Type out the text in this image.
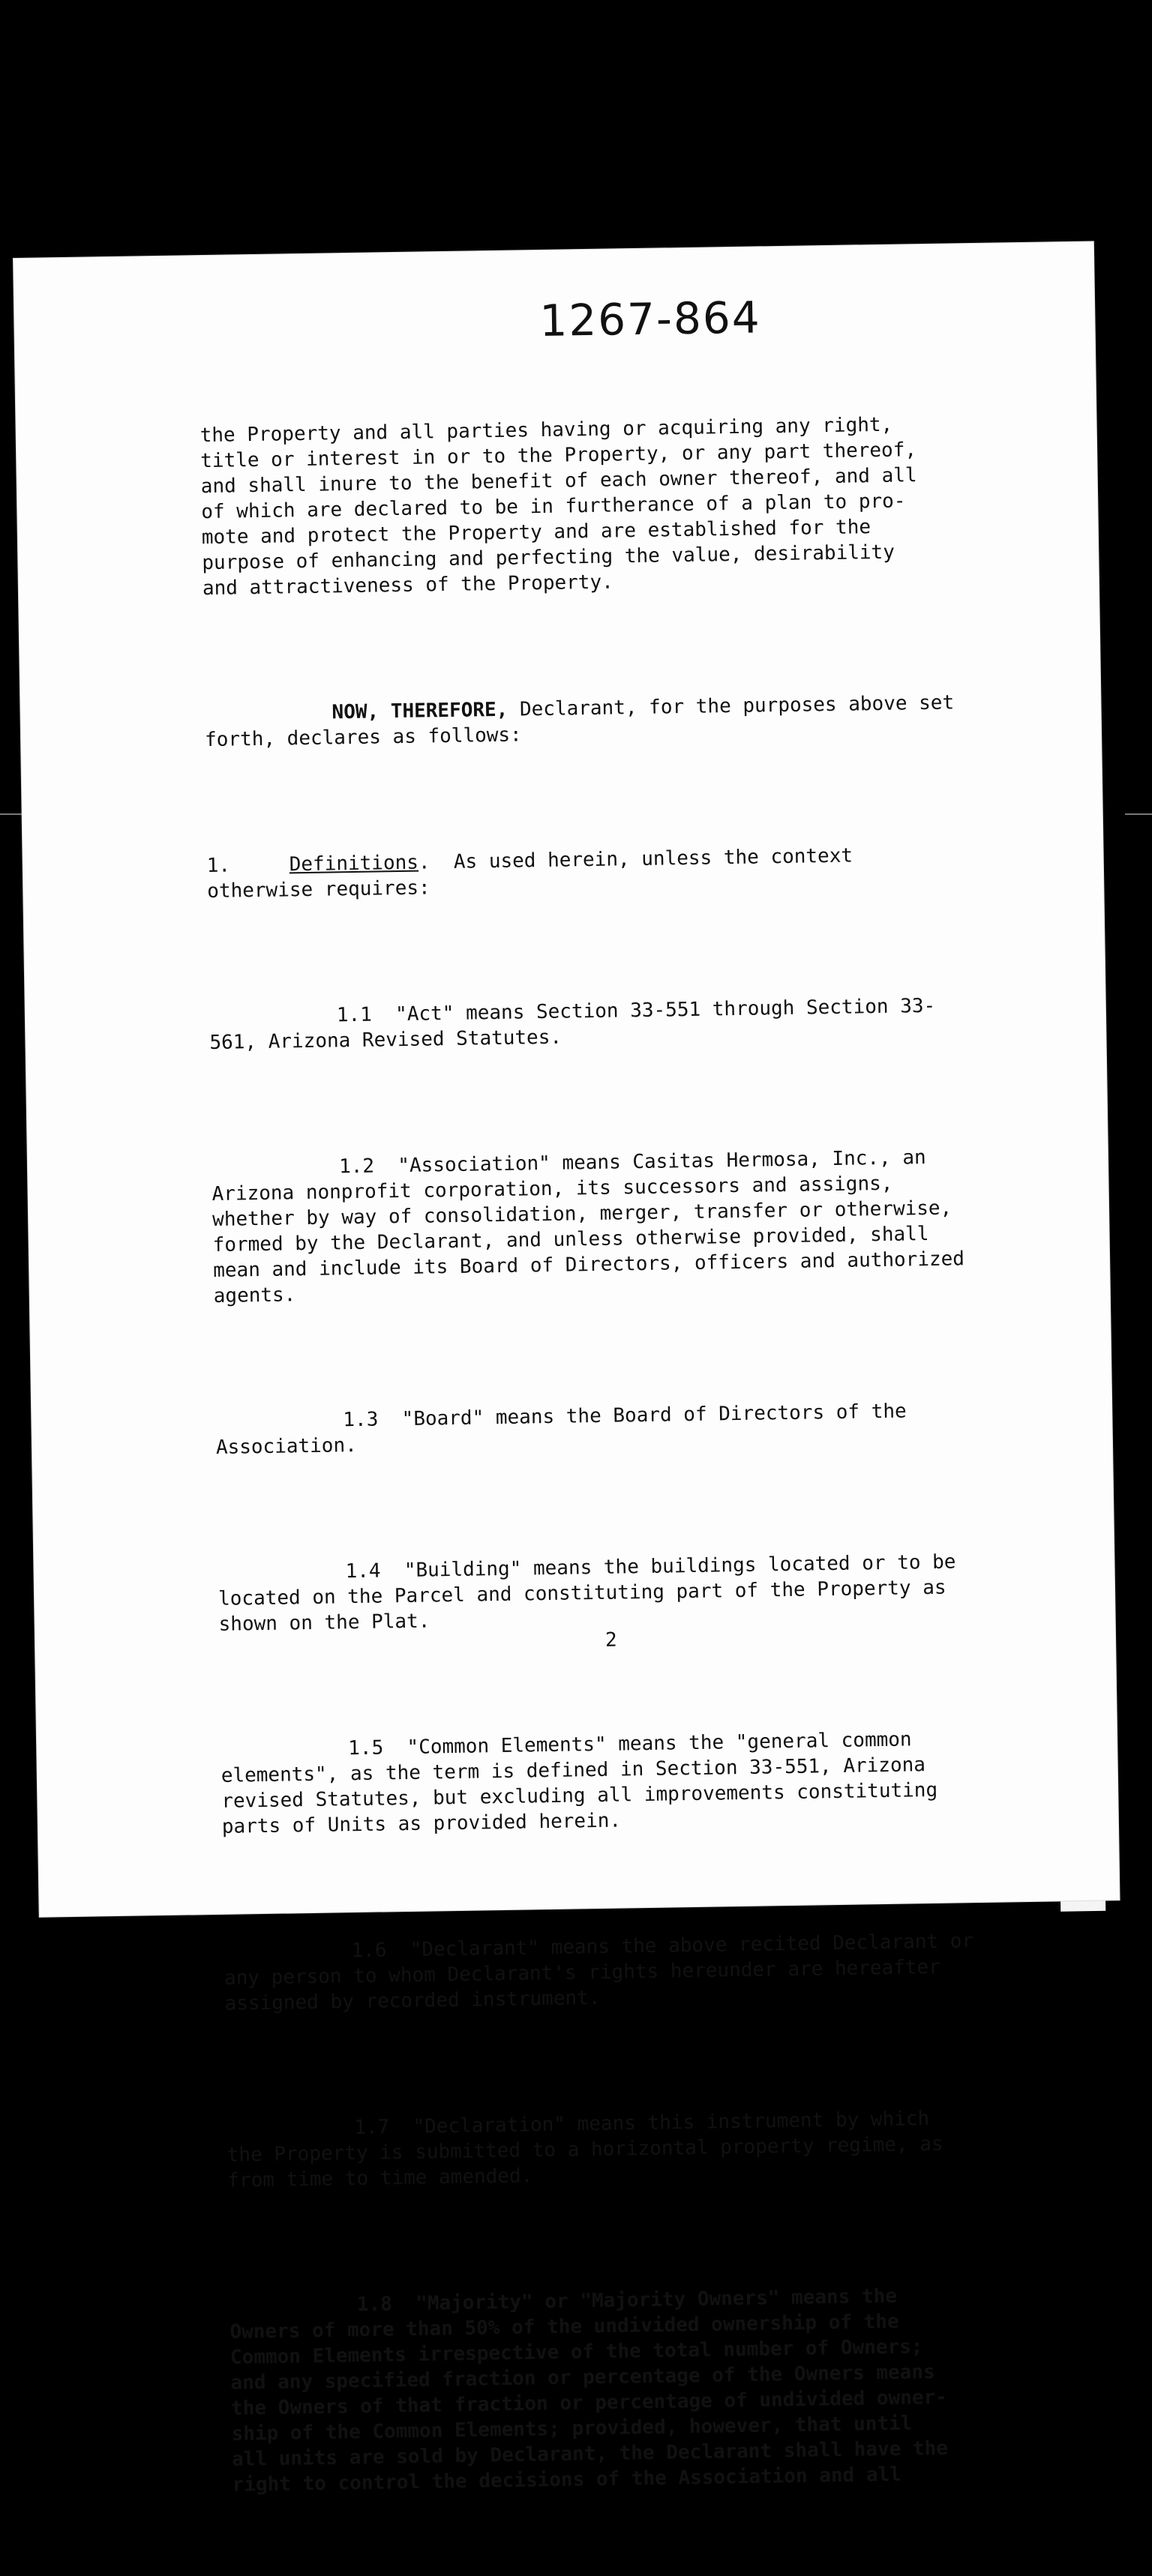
1267-864

the Property and all parties having or acquiring any right,
title or interest in or to the Property, or any part thereof,
and shall inure to the benefit of each owner thereof, and all
of which are declared to be in furtherance of a plan to pro-
mote and protect the Property and are established for the
purpose of enhancing and perfecting the value, desirability
and attractiveness of the Property.

NOW, THEREFORE, Declarant, for the purposes above set
forth, declares as follows:

1.	Definitions.  As used herein, unless the context
otherwise requires:

1.1 "Act" means Section 33-551 through Section 33-
561, Arizona Revised Statutes.

1.2 "Association" means Casitas Hermosa, Inc., an
Arizona nonprofit corporation, its successors and assigns,
whether by way of consolidation, merger, transfer or otherwise,
formed by the Declarant, and unless otherwise provided, shall
mean and include its Board of Directors, officers and authorized
agents.

1.3 "Board" means the Board of Directors of the
Association.

1.4 "Building" means the buildings located or to be
located on the Parcel and constituting part of the Property as
shown on the Plat.

1.5 "Common Elements" means the "general common
elements", as the term is defined in Section 33-551, Arizona
revised Statutes, but excluding all improvements constituting
parts of Units as provided herein.

1.6 "Declarant" means the above recited Declarant or
any person to whom Declarant's rights hereunder are hereafter
assigned by recorded instrument.

1.7 "Declaration" means this instrument by which
the Property is submitted to a horizontal property regime, as
from time to time amended.

1.8 "Majority" or "Majority Owners" means the
Owners of more than 50% of the undivided ownership of the
Common Elements irrespective of the total number of Owners;
and any specified fraction or percentage of the Owners means
the Owners of that fraction or percentage of undivided owner-
ship of the Common Elements; provided, however, that until
all units are sold by Declarant, the Declarant shall have the
right to control the decisions of the Association and all

2
